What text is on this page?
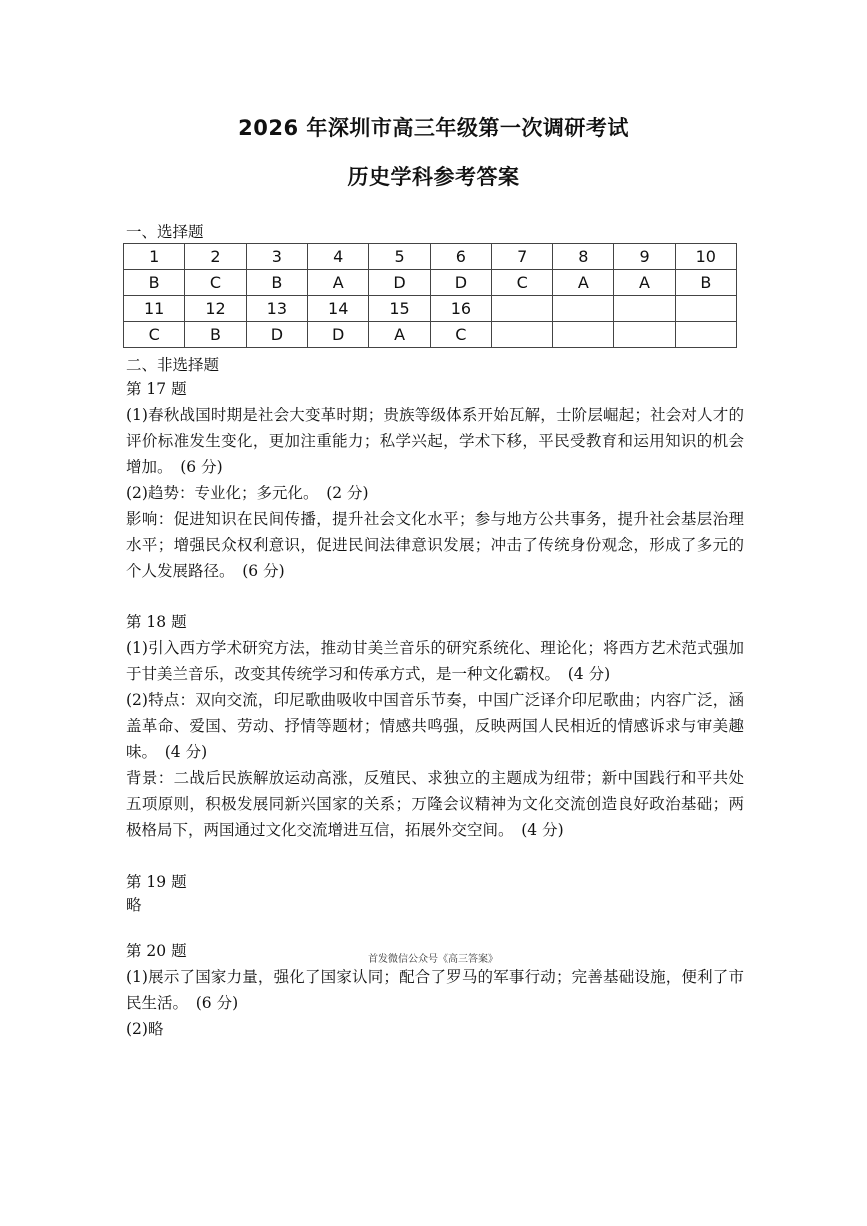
2026 年深圳市高三年级第一次调研考试
历史学科参考答案
一、选择题
1	2	3	4	5	6	7	8	9	10
B	C	B	A	D	D	C	A	A	B
11	12	13	14	15	16				
C	B	D	D	A	C				
二、非选择题
第 17 题
(1)春秋战国时期是社会大变革时期；贵族等级体系开始瓦解，士阶层崛起；社会对人才的评价标准发生变化，更加注重能力；私学兴起，学术下移，平民受教育和运用知识的机会增加。　(6 分)
(2)趋势：专业化；多元化。　(2 分)
影响：促进知识在民间传播，提升社会文化水平；参与地方公共事务，提升社会基层治理水平；增强民众权利意识，促进民间法律意识发展；冲击了传统身份观念，形成了多元的个人发展路径。　(6 分)
第 18 题
(1)引入西方学术研究方法，推动甘美兰音乐的研究系统化、理论化；将西方艺术范式强加于甘美兰音乐，改变其传统学习和传承方式，是一种文化霸权。　(4 分)
(2)特点：双向交流，印尼歌曲吸收中国音乐节奏，中国广泛译介印尼歌曲；内容广泛，涵盖革命、爱国、劳动、抒情等题材；情感共鸣强，反映两国人民相近的情感诉求与审美趣味。　(4 分)
背景：二战后民族解放运动高涨，反殖民、求独立的主题成为纽带；新中国践行和平共处五项原则，积极发展同新兴国家的关系；万隆会议精神为文化交流创造良好政治基础；两极格局下，两国通过文化交流增进互信，拓展外交空间。　(4 分)
第 19 题
略
第 20 题	首发微信公众号《高三答案》
(1)展示了国家力量，强化了国家认同；配合了罗马的军事行动；完善基础设施，便利了市民生活。　(6 分)
(2)略
